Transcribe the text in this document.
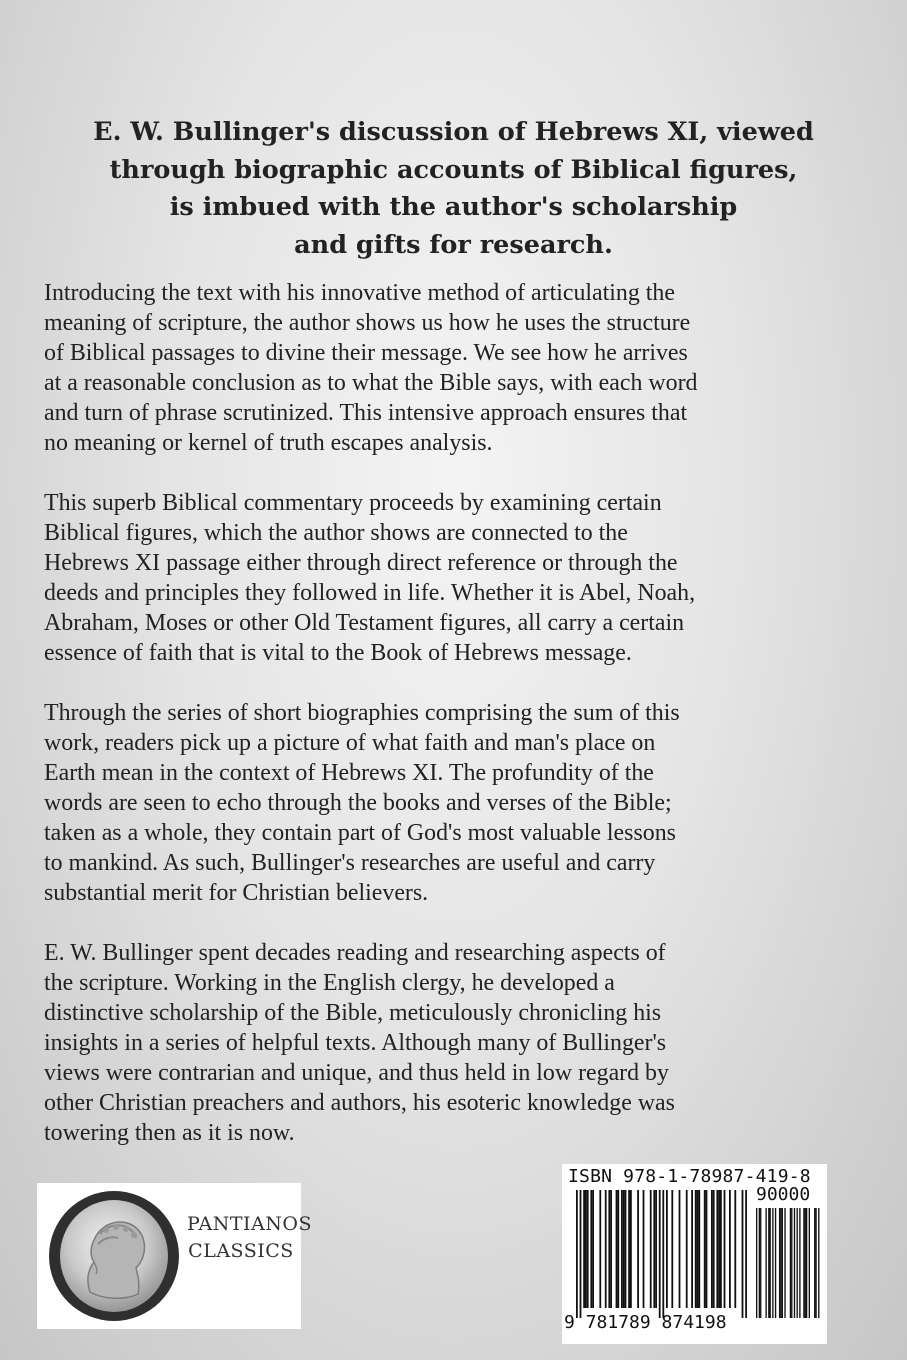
E. W. Bullinger's discussion of Hebrews XI, viewed
through biographic accounts of Biblical figures,
is imbued with the author's scholarship
and gifts for research.

Introducing the text with his innovative method of articulating the
meaning of scripture, the author shows us how he uses the structure
of Biblical passages to divine their message. We see how he arrives
at a reasonable conclusion as to what the Bible says, with each word
and turn of phrase scrutinized. This intensive approach ensures that
no meaning or kernel of truth escapes analysis.

This superb Biblical commentary proceeds by examining certain
Biblical figures, which the author shows are connected to the
Hebrews XI passage either through direct reference or through the
deeds and principles they followed in life. Whether it is Abel, Noah,
Abraham, Moses or other Old Testament figures, all carry a certain
essence of faith that is vital to the Book of Hebrews message.

Through the series of short biographies comprising the sum of this
work, readers pick up a picture of what faith and man's place on
Earth mean in the context of Hebrews XI. The profundity of the
words are seen to echo through the books and verses of the Bible;
taken as a whole, they contain part of God's most valuable lessons
to mankind. As such, Bullinger's researches are useful and carry
substantial merit for Christian believers.

E. W. Bullinger spent decades reading and researching aspects of
the scripture. Working in the English clergy, he developed a
distinctive scholarship of the Bible, meticulously chronicling his
insights in a series of helpful texts. Although many of Bullinger's
views were contrarian and unique, and thus held in low regard by
other Christian preachers and authors, his esoteric knowledge was
towering then as it is now.

PANTIANOS
CLASSICS
ISBN 978-1-78987-419-8
90000
9 781789 874198
